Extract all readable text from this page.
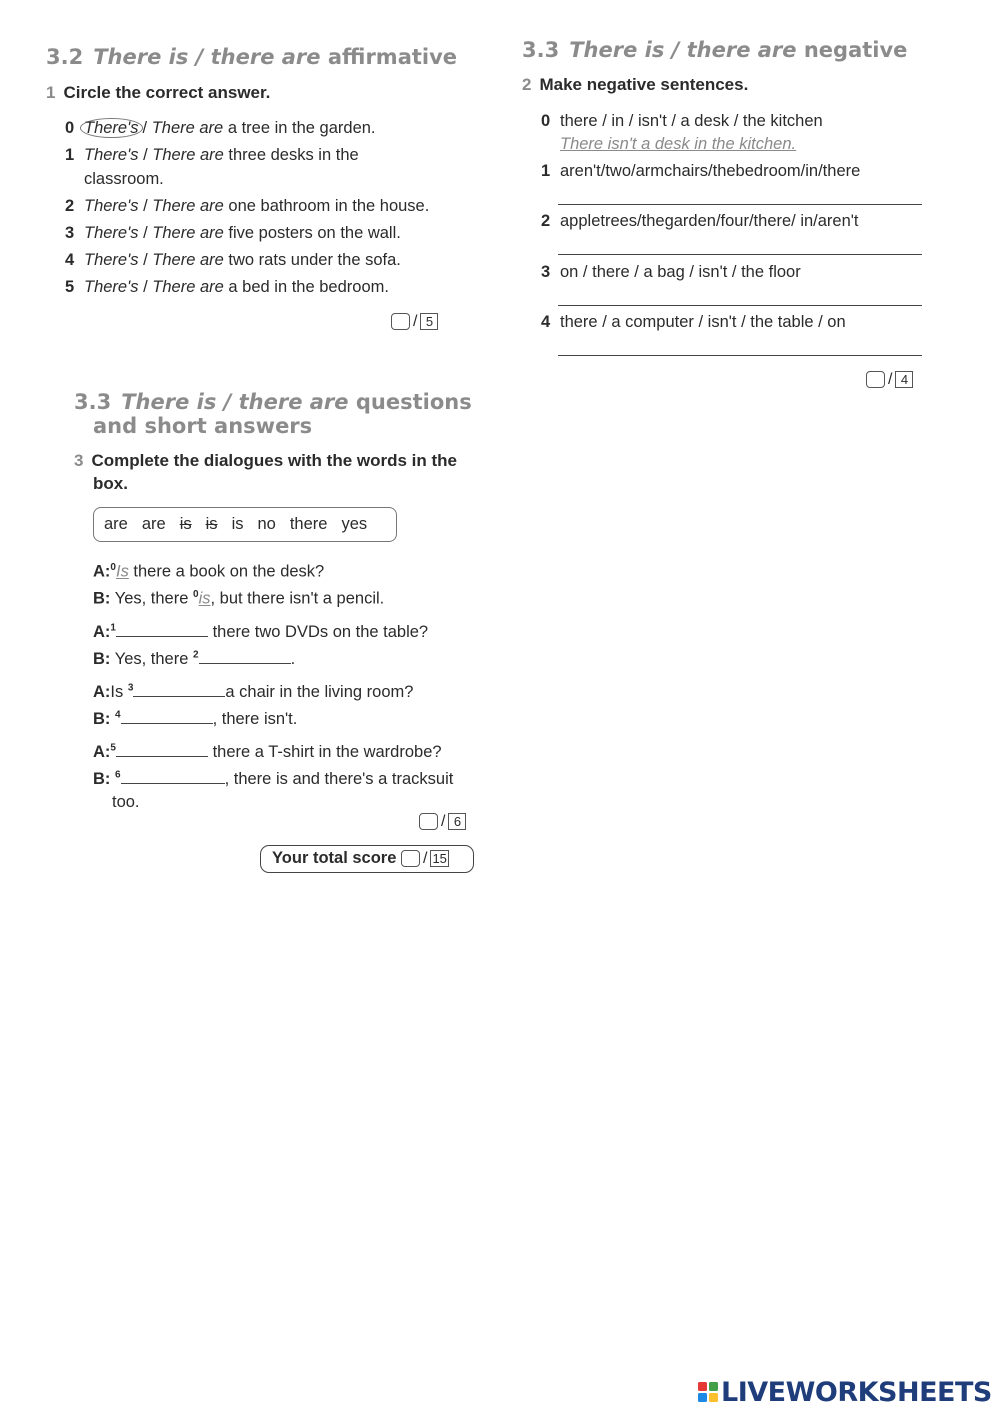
3.2 There is / there are affirmative
1 Circle the correct answer.
0 There's / There are a tree in the garden.
1 There's / There are three desks in the
classroom.
2 There's / There are one bathroom in the house.
3 There's / There are five posters on the wall.
4 There's / There are two rats under the sofa.
5 There's / There are a bed in the bedroom.
/ 5
3.3 There is / there are negative
2 Make negative sentences.
0 there / in / isn't / a desk / the kitchen
There isn't a desk in the kitchen.
1 aren't/two/armchairs/thebedroom/in/there
2 appletrees/thegarden/four/there/ in/aren't
3 on / there / a bag / isn't / the floor
4 there / a computer / isn't / the table / on
/ 4
3.3 There is / there are questions
and short answers
3 Complete the dialogues with the words in the
box.
are are is is is no there yes
A:$^0$Is there a book on the desk?
B: Yes, there $^0$is, but there isn't a pencil.
A:$^1$	there two DVDs on the table?
B: Yes, there $^2$	.
A:Is $^3$	a chair in the living room?
B: $^4$	, there isn't.
A:$^5$	there a T-shirt in the wardrobe?
B: $^6$	, there is and there's a tracksuit
too.
/ 6
Your total score / 15
LIVEWORKSHEETS
